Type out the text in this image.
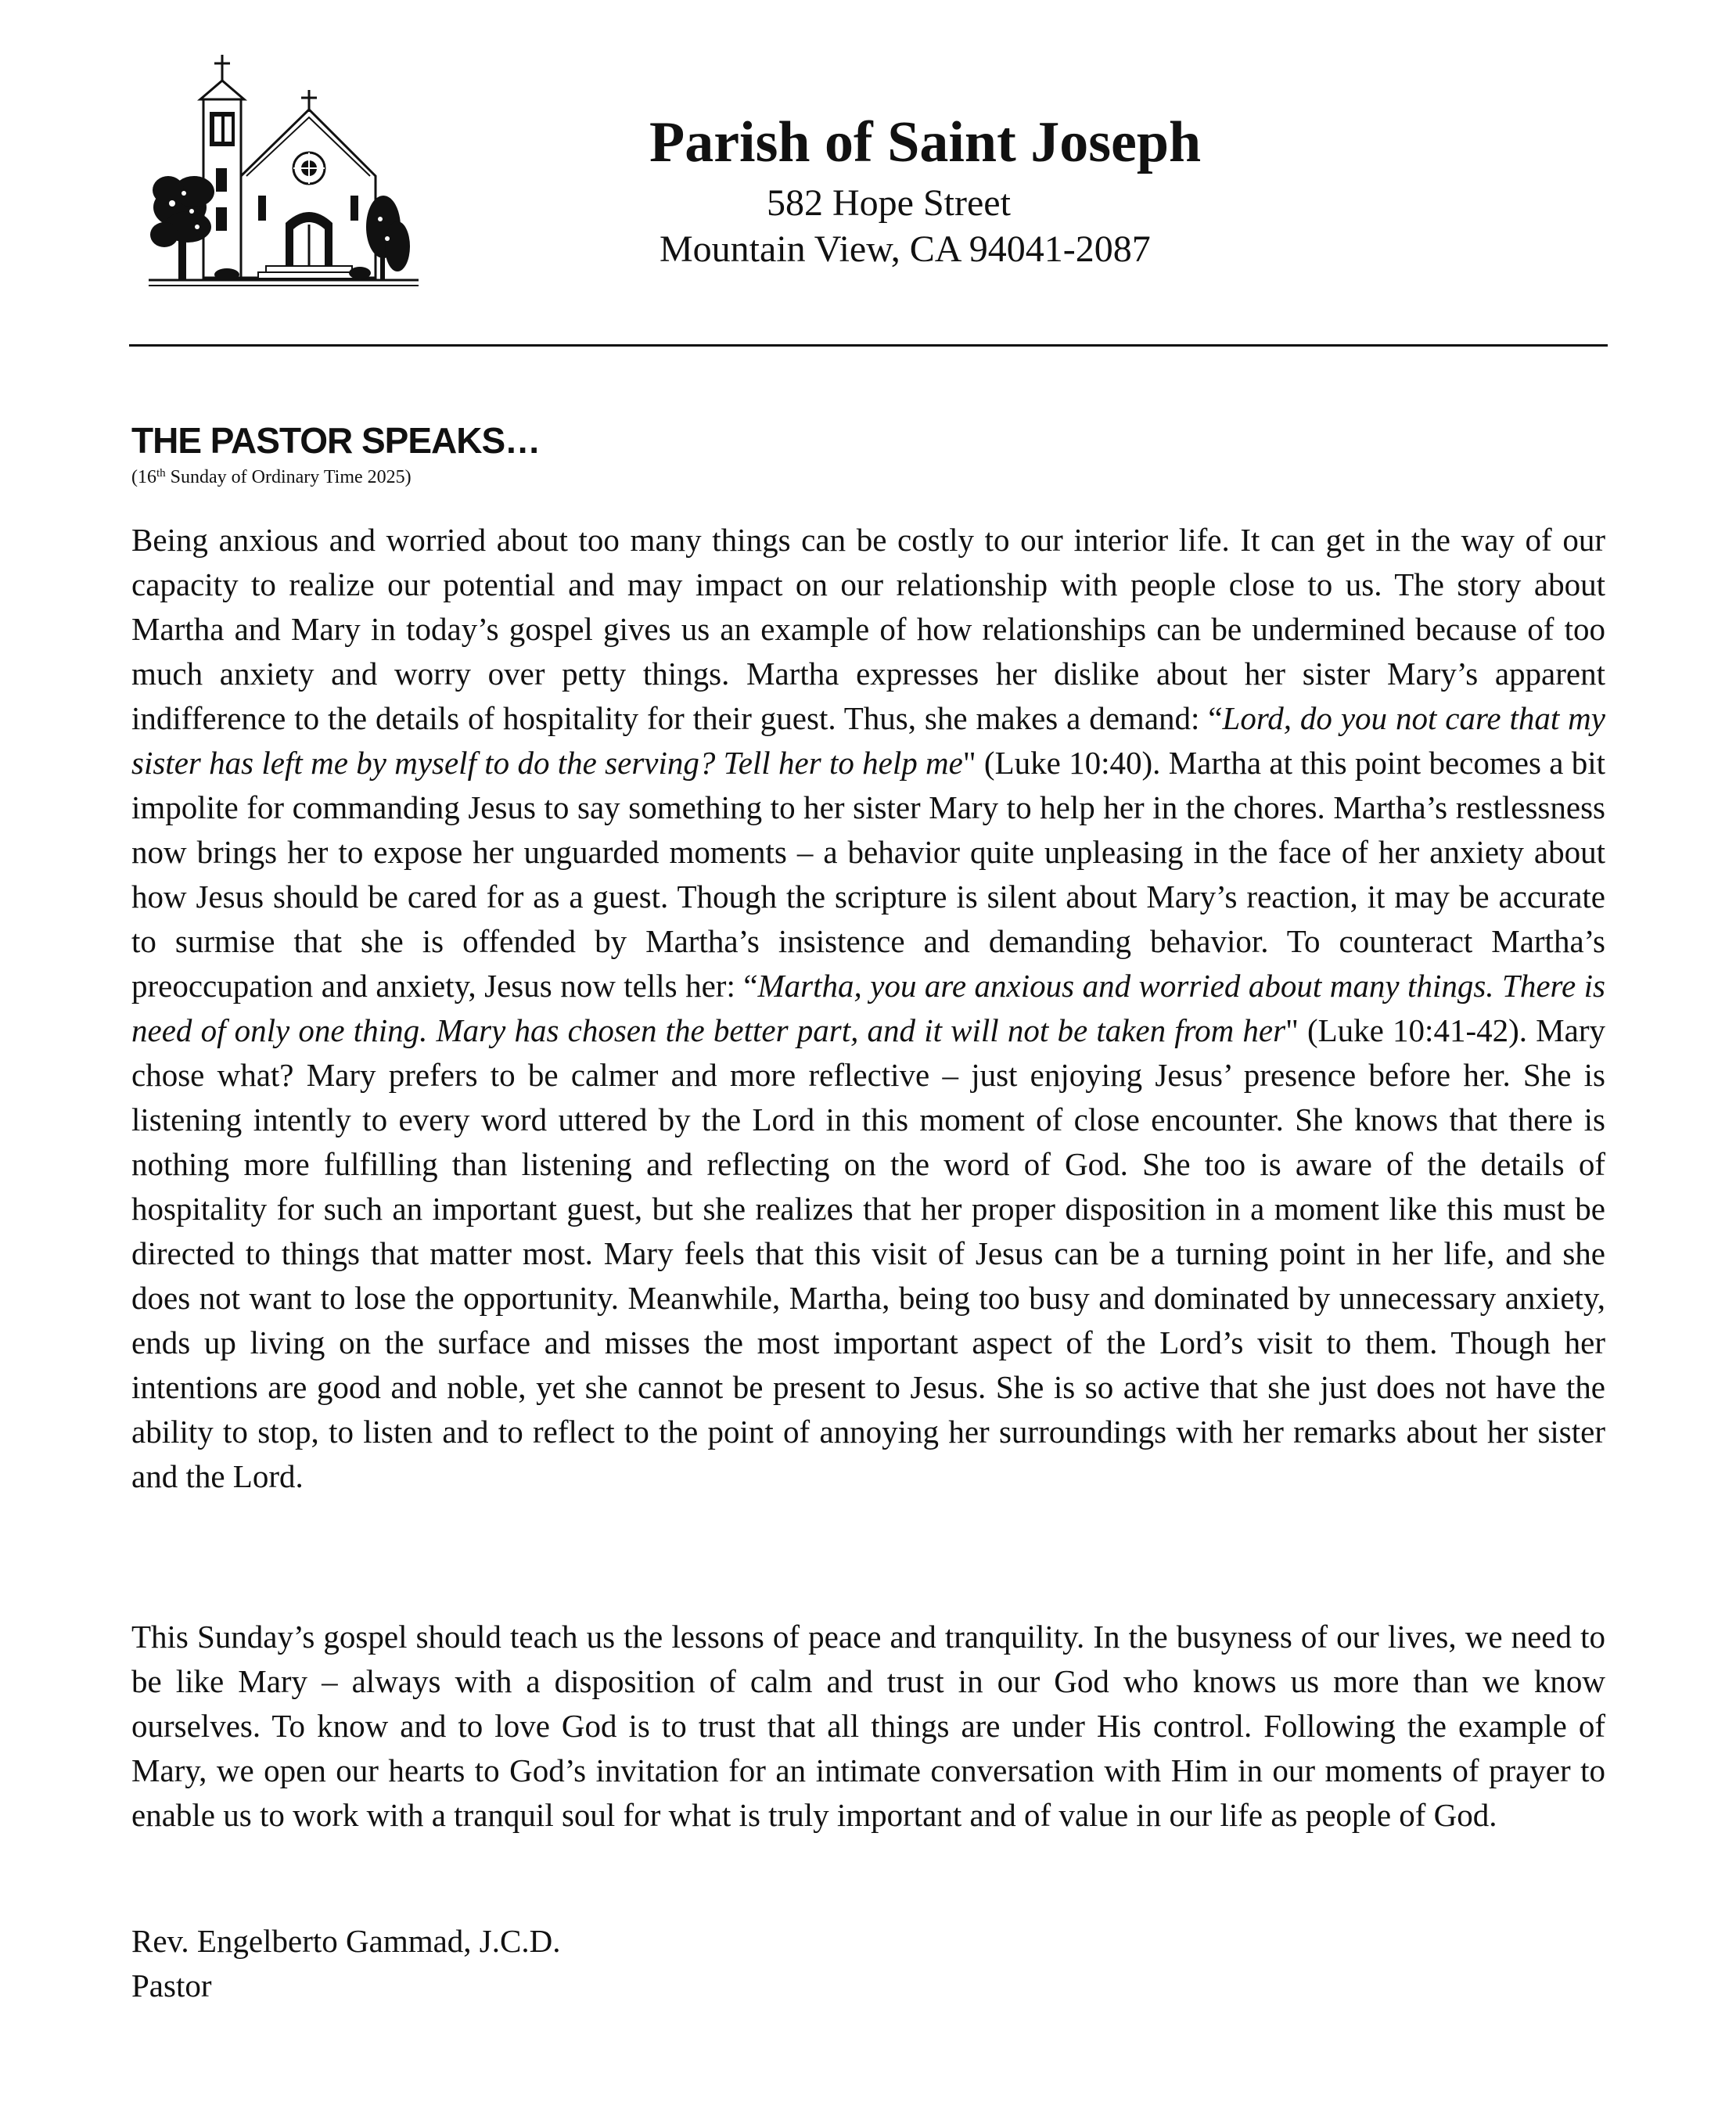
Parish of Saint Joseph
582 Hope Street
Mountain View, CA 94041-2087
THE PASTOR SPEAKS…
(16th Sunday of Ordinary Time 2025)

Being anxious and worried about too many things can be costly to our interior life. It can get in the way of our capacity to realize our potential and may impact on our relationship with people close to us. The story about Martha and Mary in today’s gospel gives us an example of how relationships can be undermined because of too much anxiety and worry over petty things. Martha expresses her dislike about her sister Mary’s apparent indifference to the details of hospitality for their guest. Thus, she makes a demand: “Lord, do you not care that my sister has left me by myself to do the serving? Tell her to help me" (Luke 10:40). Martha at this point becomes a bit impolite for commanding Jesus to say something to her sister Mary to help her in the chores. Martha’s restlessness now brings her to expose her unguarded moments – a behavior quite unpleasing in the face of her anxiety about how Jesus should be cared for as a guest. Though the scripture is silent about Mary’s reaction, it may be accurate to surmise that she is offended by Martha’s insistence and demanding behavior. To counteract Martha’s preoccupation and anxiety, Jesus now tells her: “Martha, you are anxious and worried about many things. There is need of only one thing. Mary has chosen the better part, and it will not be taken from her" (Luke 10:41-42). Mary chose what? Mary prefers to be calmer and more reflective – just enjoying Jesus’ presence before her. She is listening intently to every word uttered by the Lord in this moment of close encounter. She knows that there is nothing more fulfilling than listening and reflecting on the word of God. She too is aware of the details of hospitality for such an important guest, but she realizes that her proper disposition in a moment like this must be directed to things that matter most. Mary feels that this visit of Jesus can be a turning point in her life, and she does not want to lose the opportunity. Meanwhile, Martha, being too busy and dominated by unnecessary anxiety, ends up living on the surface and misses the most important aspect of the Lord’s visit to them. Though her intentions are good and noble, yet she cannot be present to Jesus. She is so active that she just does not have the ability to stop, to listen and to reflect to the point of annoying her surroundings with her remarks about her sister and the Lord.

This Sunday’s gospel should teach us the lessons of peace and tranquility. In the busyness of our lives, we need to be like Mary – always with a disposition of calm and trust in our God who knows us more than we know ourselves. To know and to love God is to trust that all things are under His control. Following the example of Mary, we open our hearts to God’s invitation for an intimate conversation with Him in our moments of prayer to enable us to work with a tranquil soul for what is truly important and of value in our life as people of God.

Rev. Engelberto Gammad, J.C.D.
Pastor
